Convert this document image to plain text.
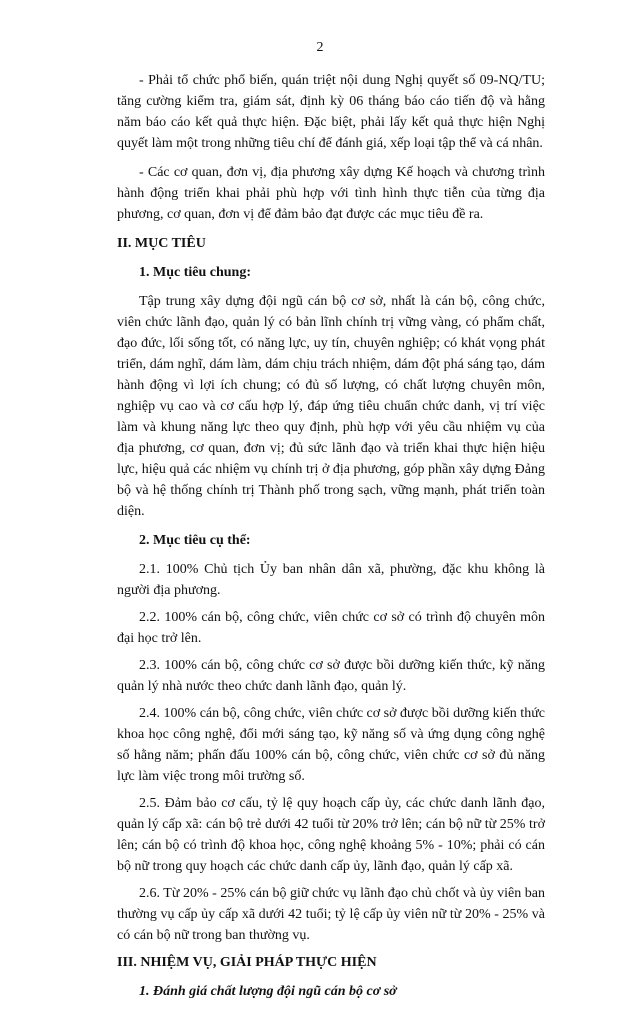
2

- Phải tổ chức phổ biến, quán triệt nội dung Nghị quyết số 09-NQ/TU; tăng cường kiểm tra, giám sát, định kỳ 06 tháng báo cáo tiến độ và hằng năm báo cáo kết quả thực hiện. Đặc biệt, phải lấy kết quả thực hiện Nghị quyết làm một trong những tiêu chí để đánh giá, xếp loại tập thể và cá nhân.

- Các cơ quan, đơn vị, địa phương xây dựng Kế hoạch và chương trình hành động triển khai phải phù hợp với tình hình thực tiễn của từng địa phương, cơ quan, đơn vị để đảm bảo đạt được các mục tiêu đề ra.

II. MỤC TIÊU
1. Mục tiêu chung:

Tập trung xây dựng đội ngũ cán bộ cơ sở, nhất là cán bộ, công chức, viên chức lãnh đạo, quản lý có bản lĩnh chính trị vững vàng, có phẩm chất, đạo đức, lối sống tốt, có năng lực, uy tín, chuyên nghiệp; có khát vọng phát triển, dám nghĩ, dám làm, dám chịu trách nhiệm, dám đột phá sáng tạo, dám hành động vì lợi ích chung; có đủ số lượng, có chất lượng chuyên môn, nghiệp vụ cao và cơ cấu hợp lý, đáp ứng tiêu chuẩn chức danh, vị trí việc làm và khung năng lực theo quy định, phù hợp với yêu cầu nhiệm vụ của địa phương, cơ quan, đơn vị; đủ sức lãnh đạo và triển khai thực hiện hiệu lực, hiệu quả các nhiệm vụ chính trị ở địa phương, góp phần xây dựng Đảng bộ và hệ thống chính trị Thành phố trong sạch, vững mạnh, phát triển toàn diện.

2. Mục tiêu cụ thể:

2.1. 100% Chủ tịch Ủy ban nhân dân xã, phường, đặc khu không là người địa phương.

2.2. 100% cán bộ, công chức, viên chức cơ sở có trình độ chuyên môn đại học trở lên.

2.3. 100% cán bộ, công chức cơ sở được bồi dưỡng kiến thức, kỹ năng quản lý nhà nước theo chức danh lãnh đạo, quản lý.

2.4. 100% cán bộ, công chức, viên chức cơ sở được bồi dưỡng kiến thức khoa học công nghệ, đổi mới sáng tạo, kỹ năng số và ứng dụng công nghệ số hằng năm; phấn đấu 100% cán bộ, công chức, viên chức cơ sở đủ năng lực làm việc trong môi trường số.

2.5. Đảm bảo cơ cấu, tỷ lệ quy hoạch cấp ủy, các chức danh lãnh đạo, quản lý cấp xã: cán bộ trẻ dưới 42 tuổi từ 20% trở lên; cán bộ nữ từ 25% trở lên; cán bộ có trình độ khoa học, công nghệ khoảng 5% - 10%; phải có cán bộ nữ trong quy hoạch các chức danh cấp ủy, lãnh đạo, quản lý cấp xã.

2.6. Từ 20% - 25% cán bộ giữ chức vụ lãnh đạo chủ chốt và ủy viên ban thường vụ cấp ủy cấp xã dưới 42 tuổi; tỷ lệ cấp ủy viên nữ từ 20% - 25% và có cán bộ nữ trong ban thường vụ.

III. NHIỆM VỤ, GIẢI PHÁP THỰC HIỆN
1. Đánh giá chất lượng đội ngũ cán bộ cơ sở
